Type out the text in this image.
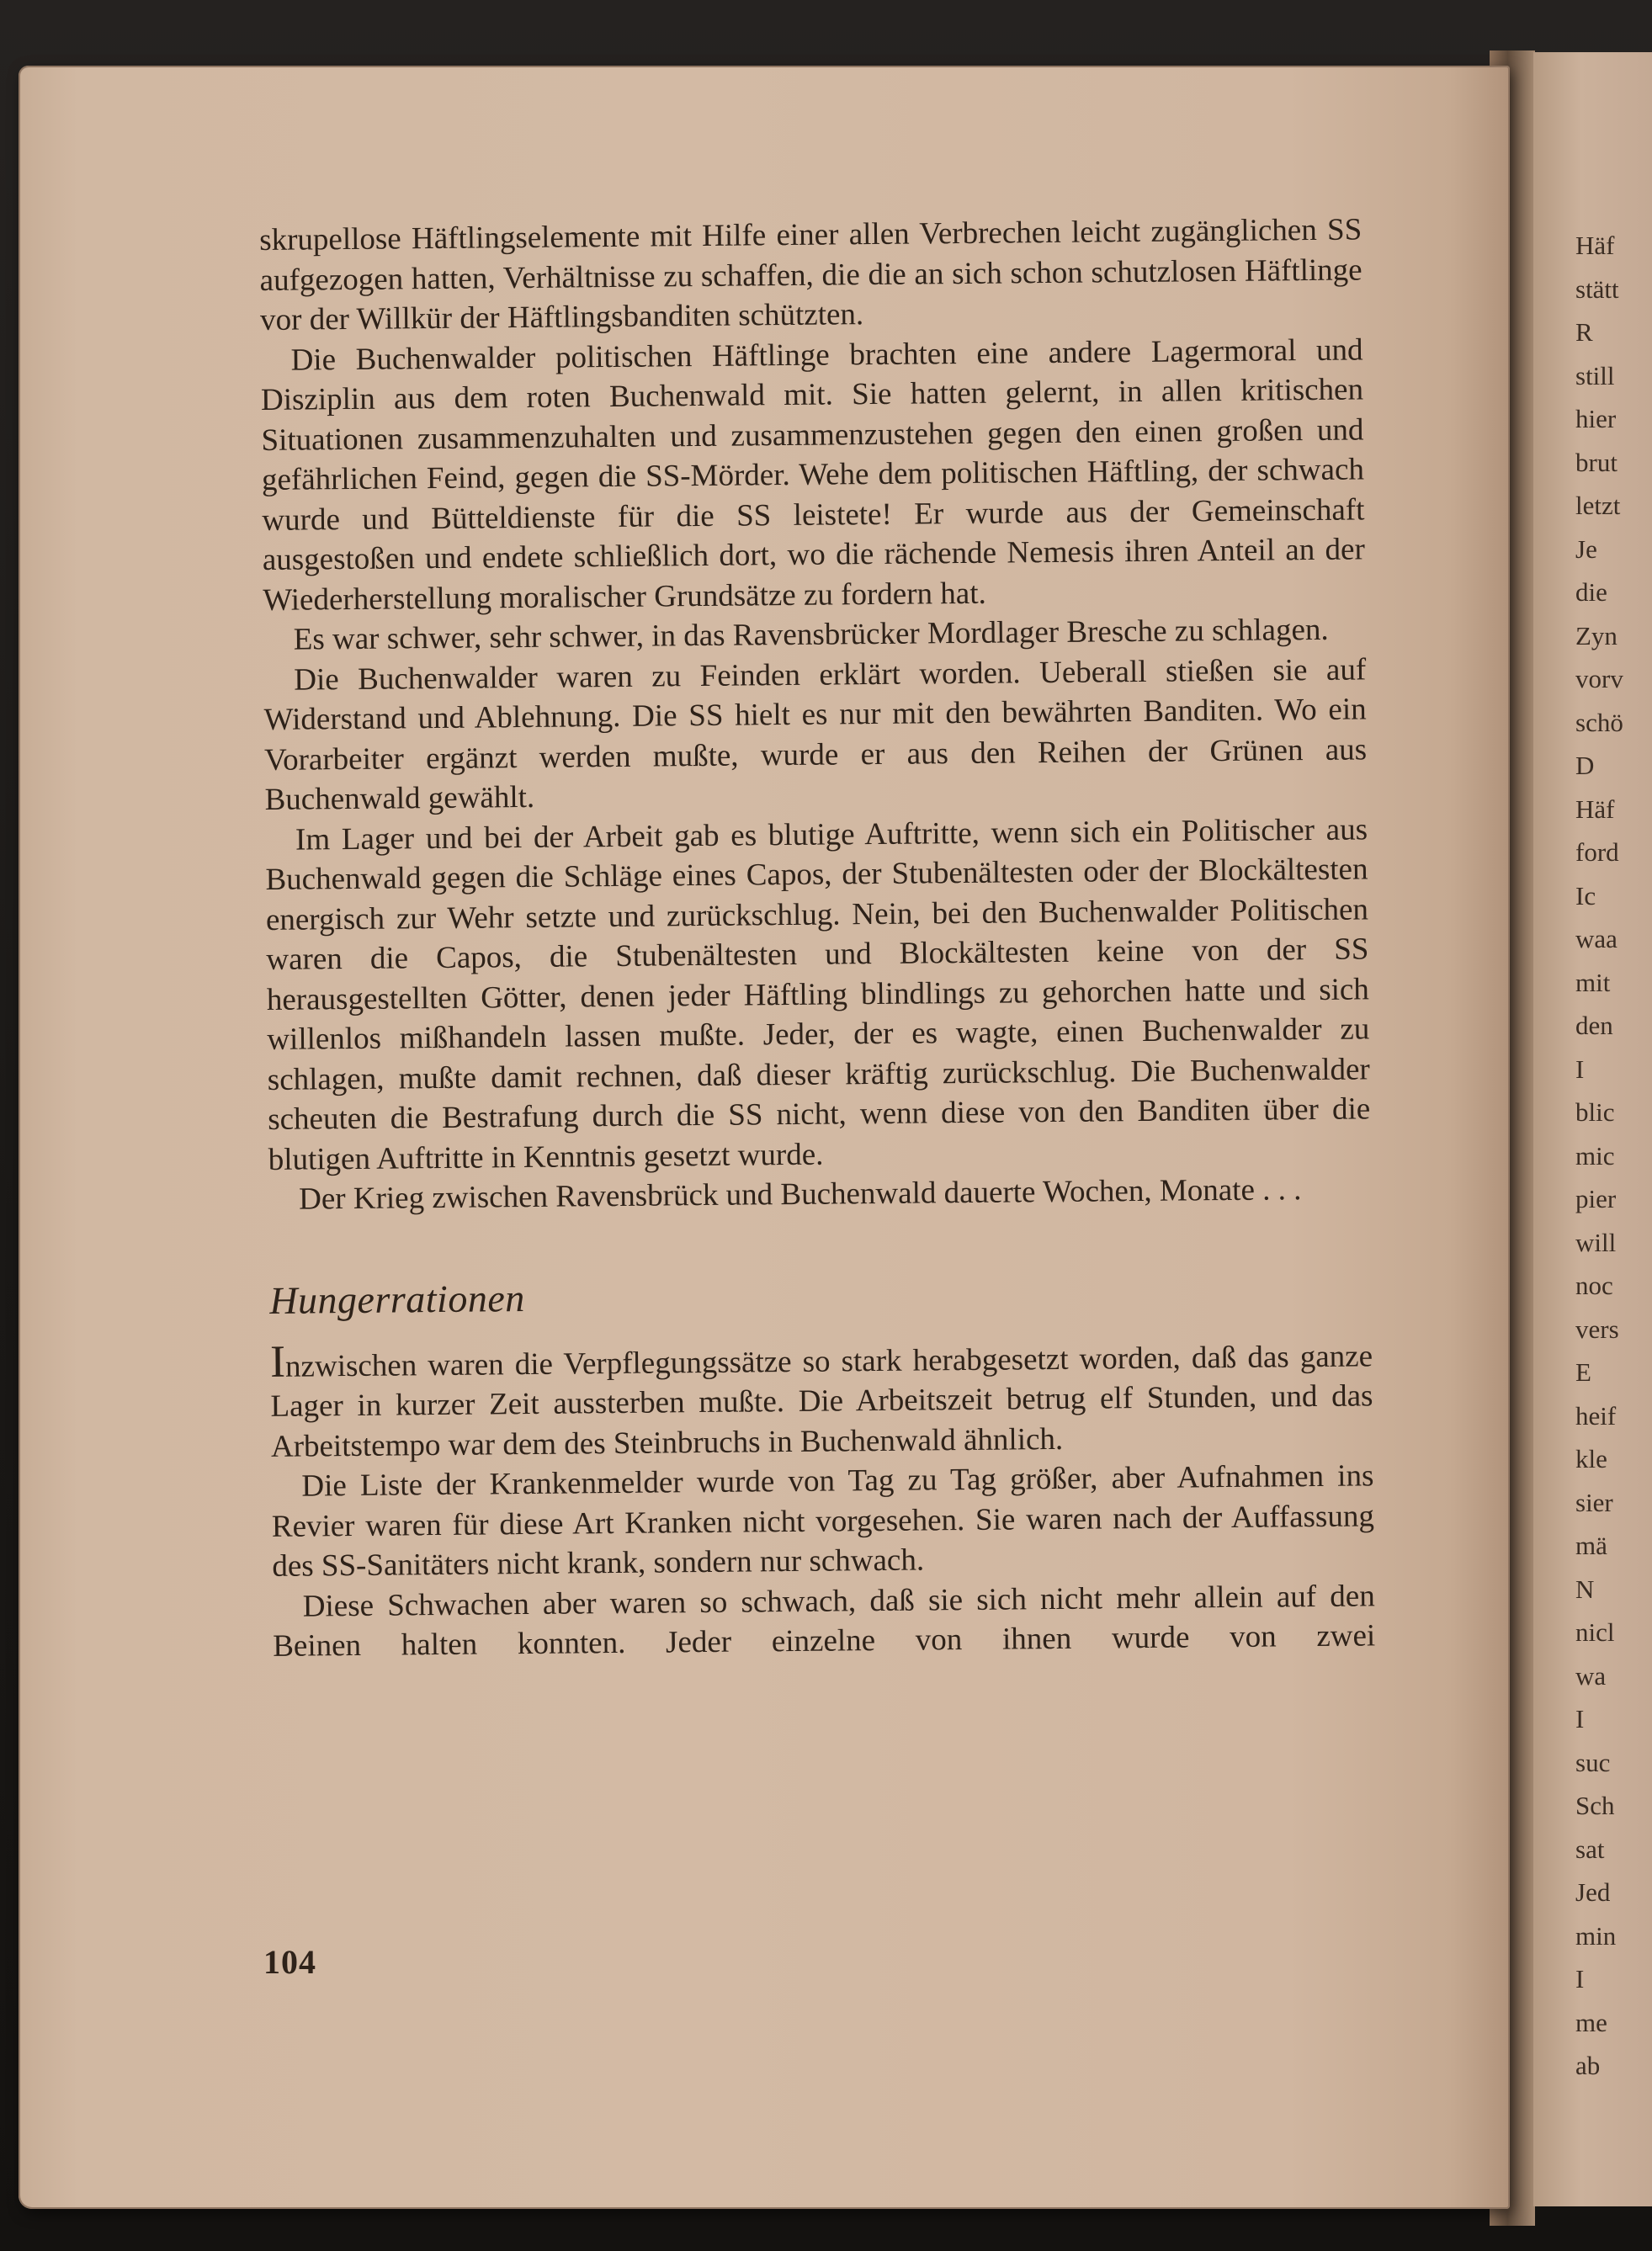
Häf
stätt
R
still
hier
brut
letzt
Je
die
Zyn
vorv
schö
D
Häf
ford
Ic
waa
mit
den
I
blic
mic
pier
will
noc
vers
E
heif
kle
sier
mä
N
nicl
wa
I
suc
Sch
sat
Jed
min
I
me
ab

skrupellose Häftlingselemente mit Hilfe einer allen Verbrechen leicht zugänglichen SS aufgezogen hatten, Verhältnisse zu schaffen, die die an sich schon schutzlosen Häftlinge vor der Willkür der Häftlingsbanditen schützten.

Die Buchenwalder politischen Häftlinge brachten eine andere Lagermoral und Disziplin aus dem roten Buchenwald mit. Sie hatten gelernt, in allen kritischen Situationen zusammenzuhalten und zusammenzustehen gegen den einen großen und gefährlichen Feind, gegen die SS-Mörder. Wehe dem politischen Häftling, der schwach wurde und Bütteldienste für die SS leistete! Er wurde aus der Gemeinschaft ausgestoßen und endete schließlich dort, wo die rächende Nemesis ihren Anteil an der Wiederherstellung moralischer Grundsätze zu fordern hat.

Es war schwer, sehr schwer, in das Ravensbrücker Mordlager Bresche zu schlagen.

Die Buchenwalder waren zu Feinden erklärt worden. Ueberall stießen sie auf Widerstand und Ablehnung. Die SS hielt es nur mit den bewährten Banditen. Wo ein Vorarbeiter ergänzt werden mußte, wurde er aus den Reihen der Grünen aus Buchenwald gewählt.

Im Lager und bei der Arbeit gab es blutige Auftritte, wenn sich ein Politischer aus Buchenwald gegen die Schläge eines Capos, der Stubenältesten oder der Blockältesten energisch zur Wehr setzte und zurückschlug. Nein, bei den Buchenwalder Politischen waren die Capos, die Stubenältesten und Blockältesten keine von der SS herausgestellten Götter, denen jeder Häftling blindlings zu gehorchen hatte und sich willenlos mißhandeln lassen mußte. Jeder, der es wagte, einen Buchenwalder zu schlagen, mußte damit rechnen, daß dieser kräftig zurückschlug. Die Buchenwalder scheuten die Bestrafung durch die SS nicht, wenn diese von den Banditen über die blutigen Auftritte in Kenntnis gesetzt wurde.

Der Krieg zwischen Ravensbrück und Buchenwald dauerte Wochen, Monate . . .

Hungerrationen

Inzwischen waren die Verpflegungssätze so stark herabgesetzt worden, daß das ganze Lager in kurzer Zeit aussterben mußte. Die Arbeitszeit betrug elf Stunden, und das Arbeitstempo war dem des Steinbruchs in Buchenwald ähnlich.

Die Liste der Krankenmelder wurde von Tag zu Tag größer, aber Aufnahmen ins Revier waren für diese Art Kranken nicht vorgesehen. Sie waren nach der Auffassung des SS-Sanitäters nicht krank, sondern nur schwach.

Diese Schwachen aber waren so schwach, daß sie sich nicht mehr allein auf den Beinen halten konnten. Jeder einzelne von ihnen wurde von zwei

104
